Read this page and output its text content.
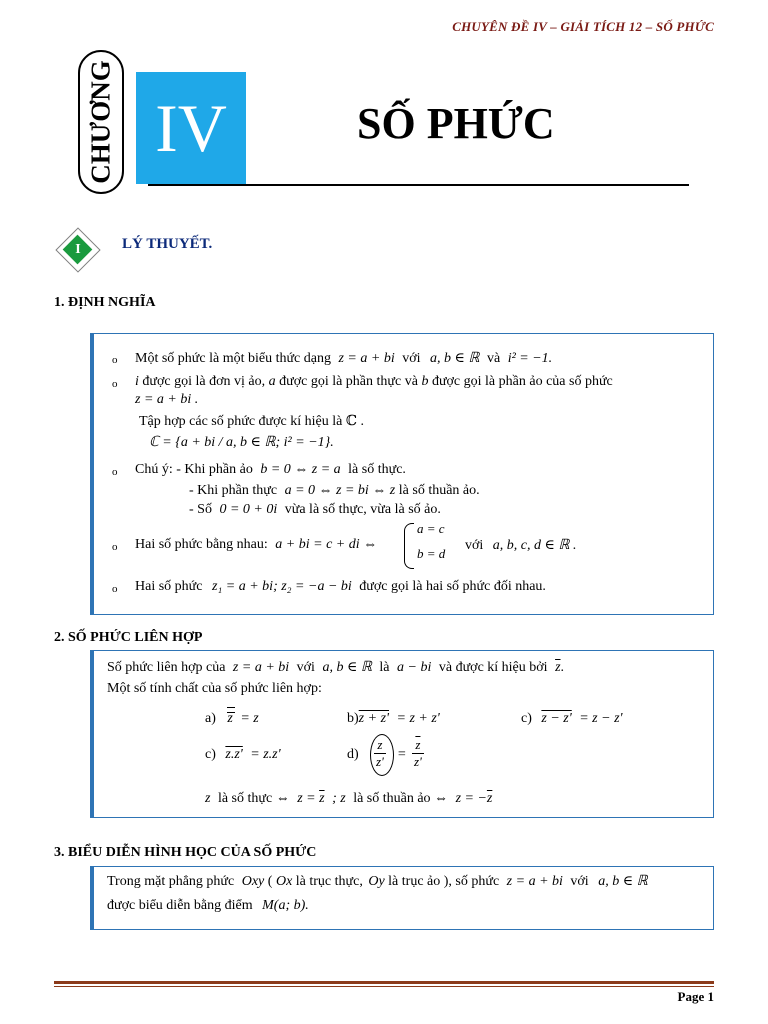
CHUYÊN ĐỀ IV – GIẢI TÍCH 12 – SỐ PHỨC
CHƯƠNG IV	SỐ PHỨC
I	LÝ THUYẾT.
1. ĐỊNH NGHĨA
o Một số phức là một biểu thức dạng z = a + bi với a, b ∈ ℝ và i² = −1.
o i được gọi là đơn vị ảo, a được gọi là phần thực và b được gọi là phần ảo của số phức
z = a + bi .
Tập hợp các số phức được kí hiệu là ℂ .
ℂ = {a + bi / a, b ∈ ℝ; i² = −1}.
o Chú ý: - Khi phần ảo b = 0 ⇔ z = a là số thực.
- Khi phần thực a = 0 ⇔ z = bi ⇔ z là số thuần ảo.
- Số 0 = 0 + 0i vừa là số thực, vừa là số ảo.
o Hai số phức bằng nhau: a + bi = c + di ⇔
a = c
b = d
với a, b, c, d ∈ ℝ .
o Hai số phức z₁ = a + bi; z₂ = −a − bi được gọi là hai số phức đối nhau.
2. SỐ PHỨC LIÊN HỢP
Số phức liên hợp của z = a + bi với a, b ∈ ℝ là a − bi và được kí hiệu bởi $\overline{z}$.
Một số tính chất của số phức liên hợp:
a) z = z	b)z + z' = z + z'	c) z − z' = z − z'
c) z.z' = z.z'	$d) \frac{z}{z'} = \frac{\overline{z}}{z'}$
z là số thực ⇔ $z = \overline{z}$ ; z là số thuần ảo ⇔ $z = -\overline{z}$
3. BIỂU DIỄN HÌNH HỌC CỦA SỐ PHỨC
Trong mặt phẳng phức Oxy ( Ox là trục thực, Oy là trục ảo ), số phức z = a + bi với a, b ∈ ℝ
được biểu diễn bằng điểm M(a; b).
Page 1
